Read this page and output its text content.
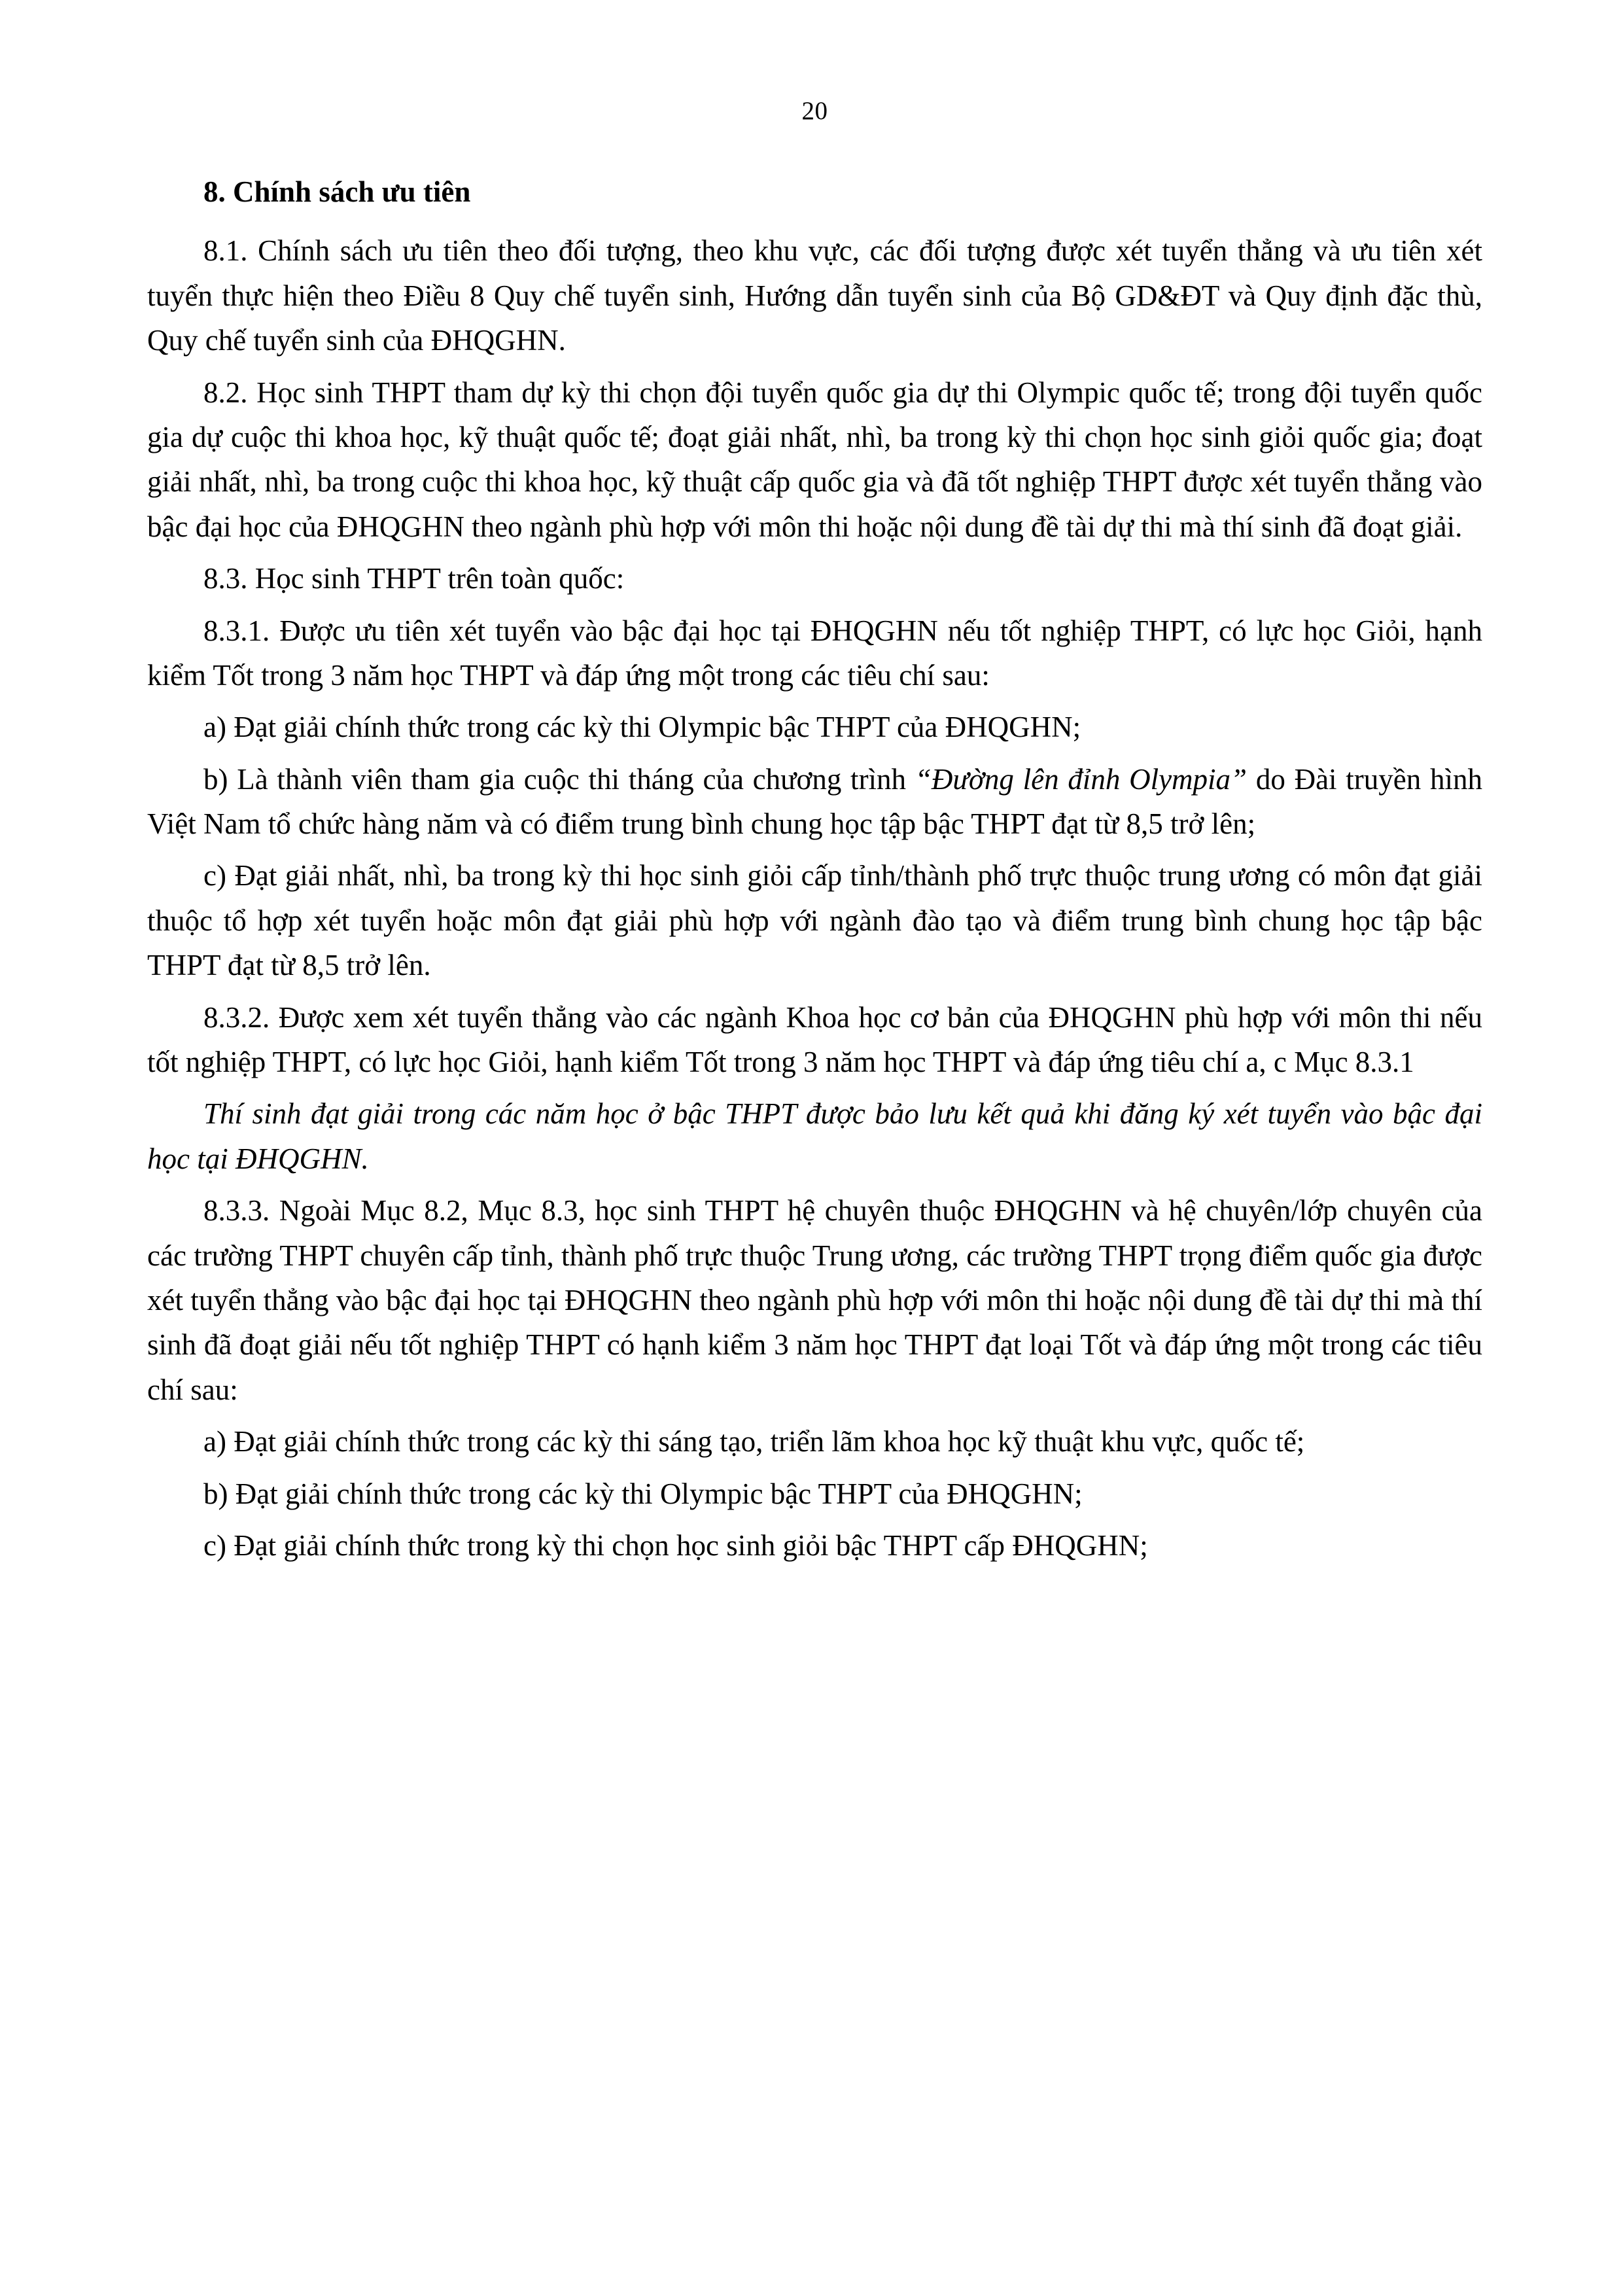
20

8. Chính sách ưu tiên

8.1. Chính sách ưu tiên theo đối tượng, theo khu vực, các đối tượng được xét tuyển thẳng và ưu tiên xét tuyển thực hiện theo Điều 8 Quy chế tuyển sinh, Hướng dẫn tuyển sinh của Bộ GD&ĐT và Quy định đặc thù, Quy chế tuyển sinh của ĐHQGHN.

8.2. Học sinh THPT tham dự kỳ thi chọn đội tuyển quốc gia dự thi Olympic quốc tế; trong đội tuyển quốc gia dự cuộc thi khoa học, kỹ thuật quốc tế; đoạt giải nhất, nhì, ba trong kỳ thi chọn học sinh giỏi quốc gia; đoạt giải nhất, nhì, ba trong cuộc thi khoa học, kỹ thuật cấp quốc gia và đã tốt nghiệp THPT được xét tuyển thẳng vào bậc đại học của ĐHQGHN theo ngành phù hợp với môn thi hoặc nội dung đề tài dự thi mà thí sinh đã đoạt giải.

8.3. Học sinh THPT trên toàn quốc:

8.3.1. Được ưu tiên xét tuyển vào bậc đại học tại ĐHQGHN nếu tốt nghiệp THPT, có lực học Giỏi, hạnh kiểm Tốt trong 3 năm học THPT và đáp ứng một trong các tiêu chí sau:

a) Đạt giải chính thức trong các kỳ thi Olympic bậc THPT của ĐHQGHN;

b) Là thành viên tham gia cuộc thi tháng của chương trình “Đường lên đỉnh Olympia” do Đài truyền hình Việt Nam tổ chức hàng năm và có điểm trung bình chung học tập bậc THPT đạt từ 8,5 trở lên;

c) Đạt giải nhất, nhì, ba trong kỳ thi học sinh giỏi cấp tỉnh/thành phố trực thuộc trung ương có môn đạt giải thuộc tổ hợp xét tuyển hoặc môn đạt giải phù hợp với ngành đào tạo và điểm trung bình chung học tập bậc THPT đạt từ 8,5 trở lên.

8.3.2. Được xem xét tuyển thẳng vào các ngành Khoa học cơ bản của ĐHQGHN phù hợp với môn thi nếu tốt nghiệp THPT, có lực học Giỏi, hạnh kiểm Tốt trong 3 năm học THPT và đáp ứng tiêu chí a, c Mục 8.3.1

Thí sinh đạt giải trong các năm học ở bậc THPT được bảo lưu kết quả khi đăng ký xét tuyển vào bậc đại học tại ĐHQGHN.

8.3.3. Ngoài Mục 8.2, Mục 8.3, học sinh THPT hệ chuyên thuộc ĐHQGHN và hệ chuyên/lớp chuyên của các trường THPT chuyên cấp tỉnh, thành phố trực thuộc Trung ương, các trường THPT trọng điểm quốc gia được xét tuyển thẳng vào bậc đại học tại ĐHQGHN theo ngành phù hợp với môn thi hoặc nội dung đề tài dự thi mà thí sinh đã đoạt giải nếu tốt nghiệp THPT có hạnh kiểm 3 năm học THPT đạt loại Tốt và đáp ứng một trong các tiêu chí sau:

a) Đạt giải chính thức trong các kỳ thi sáng tạo, triển lãm khoa học kỹ thuật khu vực, quốc tế;

b) Đạt giải chính thức trong các kỳ thi Olympic bậc THPT của ĐHQGHN;

c) Đạt giải chính thức trong kỳ thi chọn học sinh giỏi bậc THPT cấp ĐHQGHN;
